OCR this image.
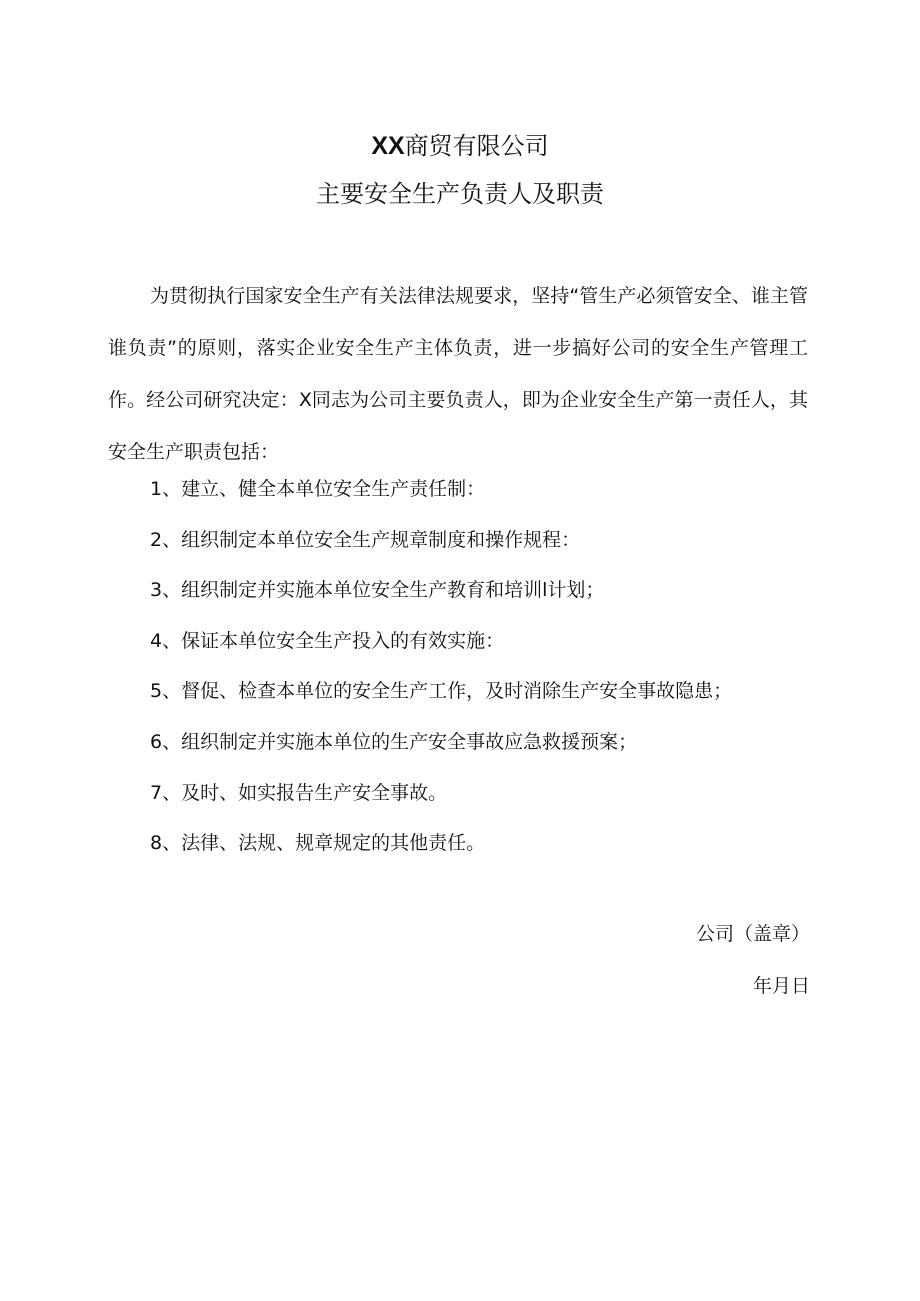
XX商贸有限公司
主要安全生产负责人及职责

为贯彻执行国家安全生产有关法律法规要求，坚持“管生产必须管安全、谁主管谁负责”的原则，落实企业安全生产主体负责，进一步搞好公司的安全生产管理工作。经公司研究决定：X同志为公司主要负责人，即为企业安全生产第一责任人，其安全生产职责包括：

1、建立、健全本单位安全生产责任制：
2、组织制定本单位安全生产规章制度和操作规程：
3、组织制定并实施本单位安全生产教育和培训l计划；
4、保证本单位安全生产投入的有效实施：
5、督促、检查本单位的安全生产工作，及时消除生产安全事故隐患；
6、组织制定并实施本单位的生产安全事故应急救援预案；
7、及时、如实报告生产安全事故。
8、法律、法规、规章规定的其他责任。
公司（盖章）
年月日
